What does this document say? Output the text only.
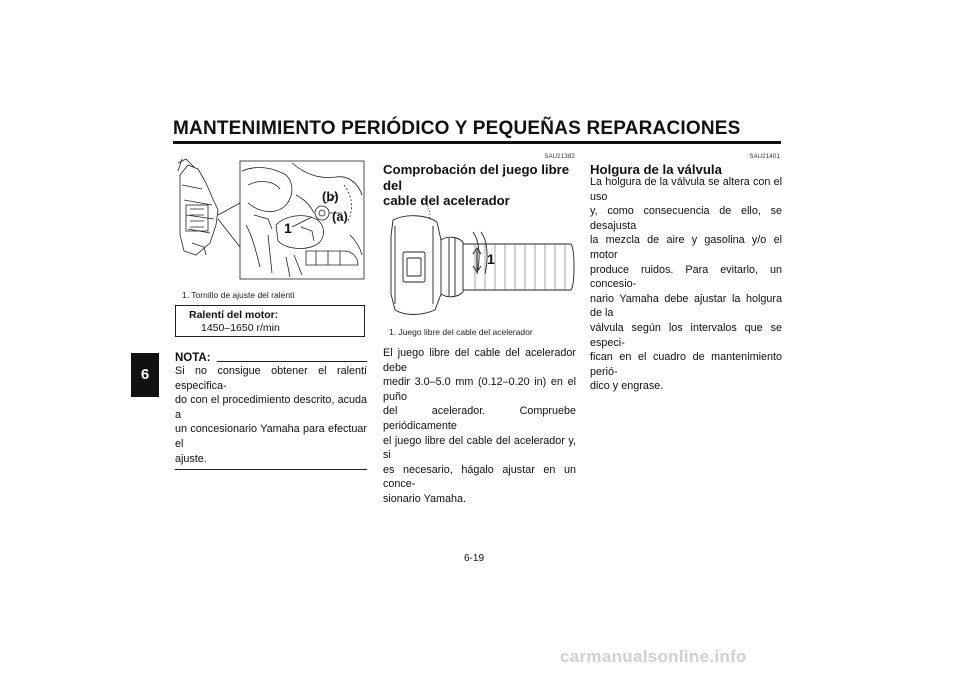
MANTENIMIENTO PERIÓDICO Y PEQUEÑAS REPARACIONES
6
(b)
(a)
1
1. Tornillo de ajuste del ralentí
Ralentí del motor:
1450–1650 r/min
NOTA:
Si no consigue obtener el ralentí especifica-
do con el procedimiento descrito, acuda a
un concesionario Yamaha para efectuar el
ajuste.
SAU21382
Comprobación del juego libre del
cable del acelerador
1
1. Juego libre del cable del acelerador
El juego libre del cable del acelerador debe
medir 3.0–5.0 mm (0.12–0.20 in) en el puño
del acelerador. Compruebe periódicamente
el juego libre del cable del acelerador y, si
es necesario, hágalo ajustar en un conce-
sionario Yamaha.
SAU21401
Holgura de la válvula
La holgura de la válvula se altera con el uso
y, como consecuencia de ello, se desajusta
la mezcla de aire y gasolina y/o el motor
produce ruidos. Para evitarlo, un concesio-
nario Yamaha debe ajustar la holgura de la
válvula según los intervalos que se especi-
fican en el cuadro de mantenimiento perió-
dico y engrase.
6-19
carmanualsonline.info
